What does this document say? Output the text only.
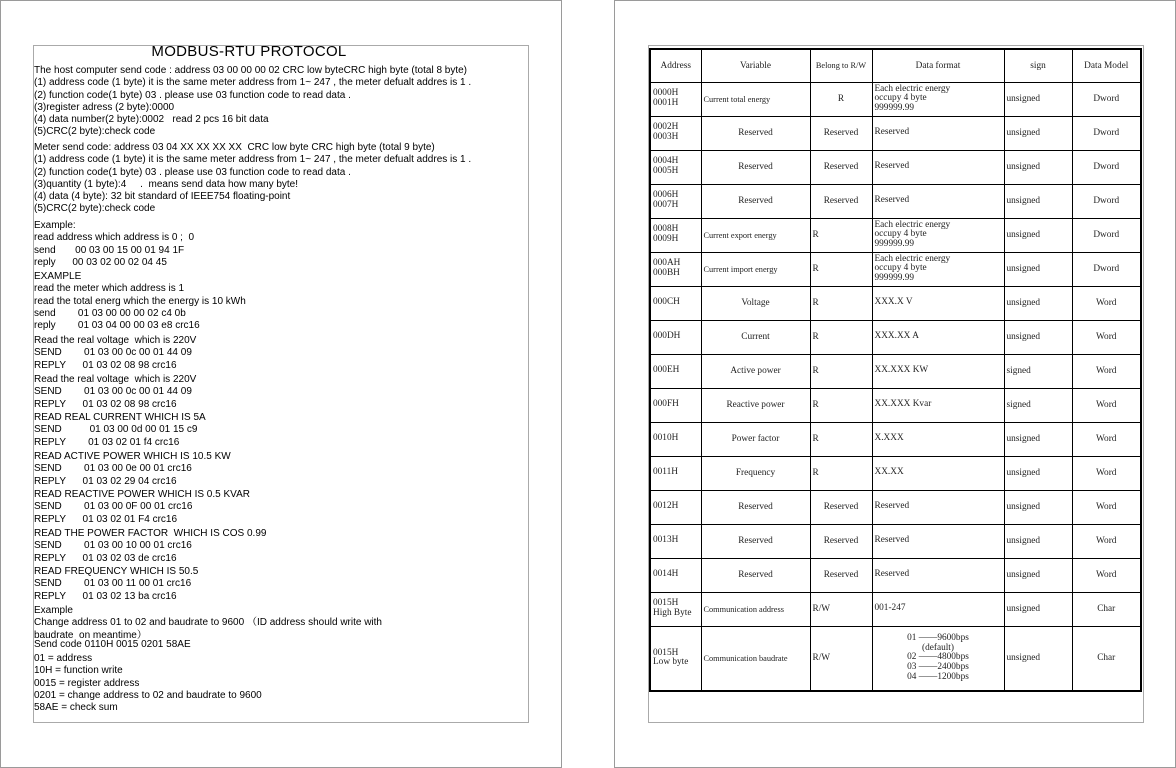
MODBUS-RTU PROTOCOL
The host computer send code : address 03 00 00 00 02 CRC low byteCRC high byte (total 8 byte)
(1) address code (1 byte) it is the same meter address from 1~ 247 , the meter defualt addres is 1 .
(2) function code(1 byte) 03 . please use 03 function code to read data .
(3)register adress (2 byte):0000
(4) data number(2 byte):0002   read 2 pcs 16 bit data
(5)CRC(2 byte):check code
Meter send code: address 03 04 XX XX XX XX  CRC low byte CRC high byte (total 9 byte)
(1) address code (1 byte) it is the same meter address from 1~ 247 , the meter defualt addres is 1 .
(2) function code(1 byte) 03 . please use 03 function code to read data .
(3)quantity (1 byte):4     .  means send data how many byte!
(4) data (4 byte): 32 bit standard of IEEE754 floating-point
(5)CRC(2 byte):check code
Example:
read address which address is 0 ;  0
send       00 03 00 15 00 01 94 1F
reply      00 03 02 00 02 04 45
EXAMPLE
read the meter which address is 1
read the total energ which the energy is 10 kWh
send        01 03 00 00 00 02 c4 0b
reply        01 03 04 00 00 03 e8 crc16
Read the real voltage  which is 220V
SEND        01 03 00 0c 00 01 44 09
REPLY      01 03 02 08 98 crc16
Read the real voltage  which is 220V
SEND        01 03 00 0c 00 01 44 09
REPLY      01 03 02 08 98 crc16
READ REAL CURRENT WHICH IS 5A
SEND          01 03 00 0d 00 01 15 c9
REPLY        01 03 02 01 f4 crc16
READ ACTIVE POWER WHICH IS 10.5 KW
SEND        01 03 00 0e 00 01 crc16
REPLY      01 03 02 29 04 crc16
READ REACTIVE POWER WHICH IS 0.5 KVAR
SEND        01 03 00 0F 00 01 crc16
REPLY      01 03 02 01 F4 crc16
READ THE POWER FACTOR  WHICH IS COS 0.99
SEND        01 03 00 10 00 01 crc16
REPLY      01 03 02 03 de crc16
READ FREQUENCY WHICH IS 50.5
SEND        01 03 00 11 00 01 crc16
REPLY      01 03 02 13 ba crc16
Example
Change address 01 to 02 and baudrate to 9600 （ID address should write with
baudrate  on meantime）
Send code 0110H 0015 0201 58AE
01 = address
10H = function write
0015 = register address
0201 = change address to 02 and baudrate to 9600
58AE = check sum
Address	Variable	Belong to R/W	Data format	sign	Data Model
0000H
0001H	Current total energy	R	Each electric energy
occupy 4 byte
999999.99	unsigned	Dword
0002H
0003H	Reserved	Reserved	Reserved	unsigned	Dword
0004H
0005H	Reserved	Reserved	Reserved	unsigned	Dword
0006H
0007H	Reserved	Reserved	Reserved	unsigned	Dword
0008H
0009H	Current export energy	R	Each electric energy
occupy 4 byte
999999.99	unsigned	Dword
000AH
000BH	Current import energy	R	Each electric energy
occupy 4 byte
999999.99	unsigned	Dword
000CH	Voltage	R	XXX.X V	unsigned	Word
000DH	Current	R	XXX.XX A	unsigned	Word
000EH	Active power	R	XX.XXX KW	signed	Word
000FH	Reactive power	R	XX.XXX Kvar	signed	Word
0010H	Power factor	R	X.XXX	unsigned	Word
0011H	Frequency	R	XX.XX	unsigned	Word
0012H	Reserved	Reserved	Reserved	unsigned	Word
0013H	Reserved	Reserved	Reserved	unsigned	Word
0014H	Reserved	Reserved	Reserved	unsigned	Word
0015H
High Byte	Communication address	R/W	001-247	unsigned	Char
0015H
Low byte	Communication baudrate	R/W	01 ——9600bps
(default)
02 ——4800bps
03 ——2400bps
04 ——1200bps	unsigned	Char
